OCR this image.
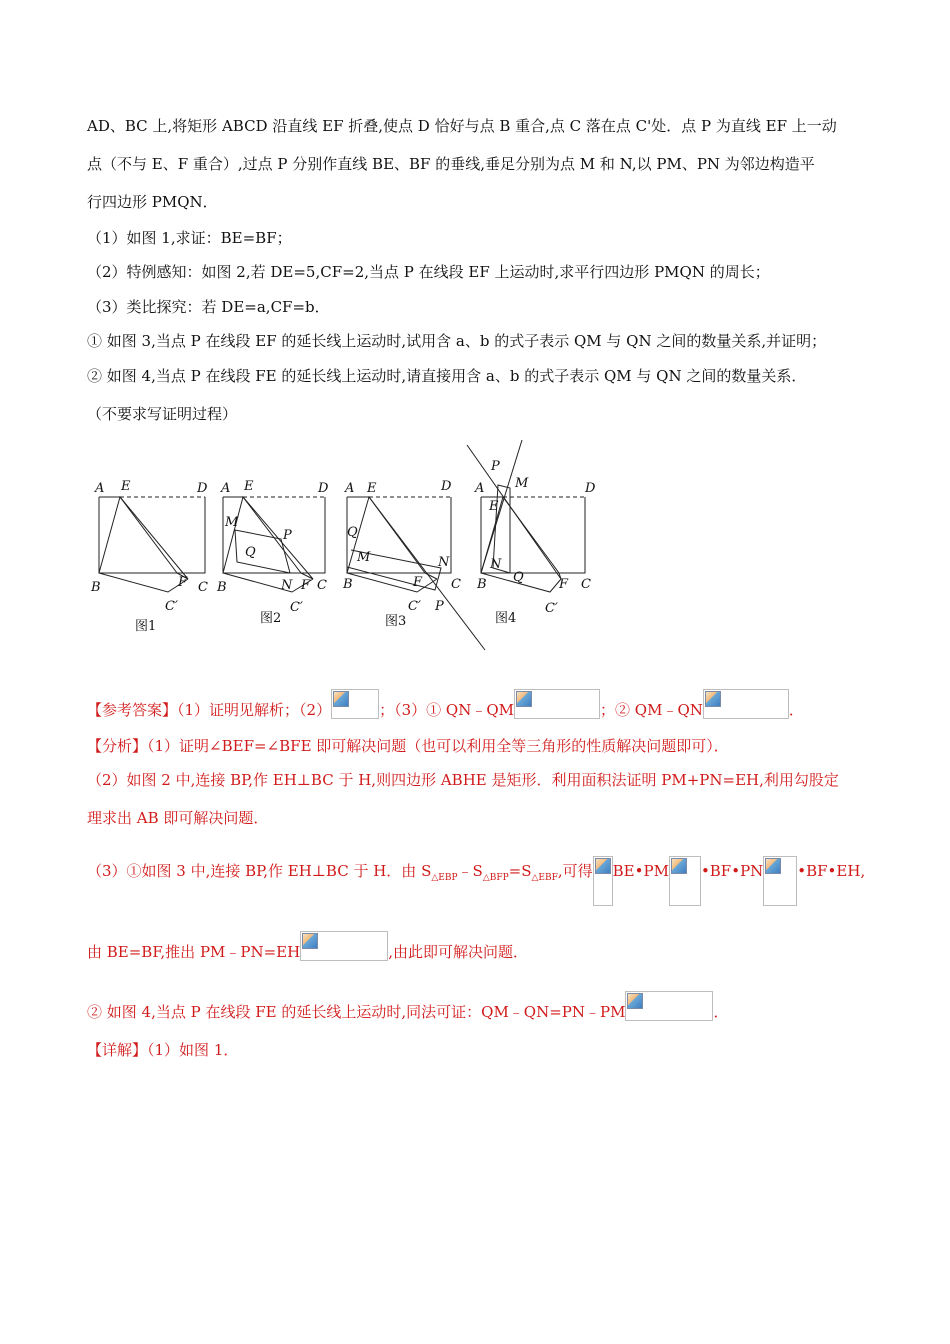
AD、BC 上,将矩形 ABCD 沿直线 EF 折叠,使点 D 恰好与点 B 重合,点 C 落在点 C'处．点 P 为直线 EF 上一动
点（不与 E、F 重合）,过点 P 分别作直线 BE、BF 的垂线,垂足分别为点 M 和 N,以 PM、PN 为邻边构造平
行四边形 PMQN．
（1）如图 1,求证：BE=BF；
（2）特例感知：如图 2,若 DE=5,CF=2,当点 P 在线段 EF 上运动时,求平行四边形 PMQN 的周长；
（3）类比探究：若 DE=a,CF=b．
① 如图 3,当点 P 在线段 EF 的延长线上运动时,试用含 a、b 的式子表示 QM 与 QN 之间的数量关系,并证明；
② 如图 4,当点 P 在线段 FE 的延长线上运动时,请直接用含 a、b 的式子表示 QM 与 QN 之间的数量关系．
（不要求写证明过程）
A E	D
B	F C
C′
图1
A E	D
M
P
Q
B	N F C
C′
图2
A E	D
Q
M	N
B	F C
P
C′
图3
P
A M	D
E
N
Q
B	F C
C′
图4
【参考答案】（1）证明见解析；（2）	；（3）① QN﹣QM	；② QM﹣QN	．
【分析】（1）证明∠BEF=∠BFE 即可解决问题（也可以利用全等三角形的性质解决问题即可）．
（2）如图 2 中,连接 BP,作 EH⊥BC 于 H,则四边形 ABHE 是矩形．利用面积法证明 PM+PN=EH,利用勾股定
理求出 AB 即可解决问题．
（3）①如图 3 中,连接 BP,作 EH⊥BC 于 H．由 $S_{\triangle EBP}﹣S_{\triangle BFP}=S_{\triangle EBF}$,可得 BE•PM •BF•PN •BF•EH,
由 BE=BF,推出 PM﹣PN=EH	,由此即可解决问题．
② 如图 4,当点 P 在线段 FE 的延长线上运动时,同法可证：QM﹣QN=PN﹣PM	．
【详解】（1）如图 1．
